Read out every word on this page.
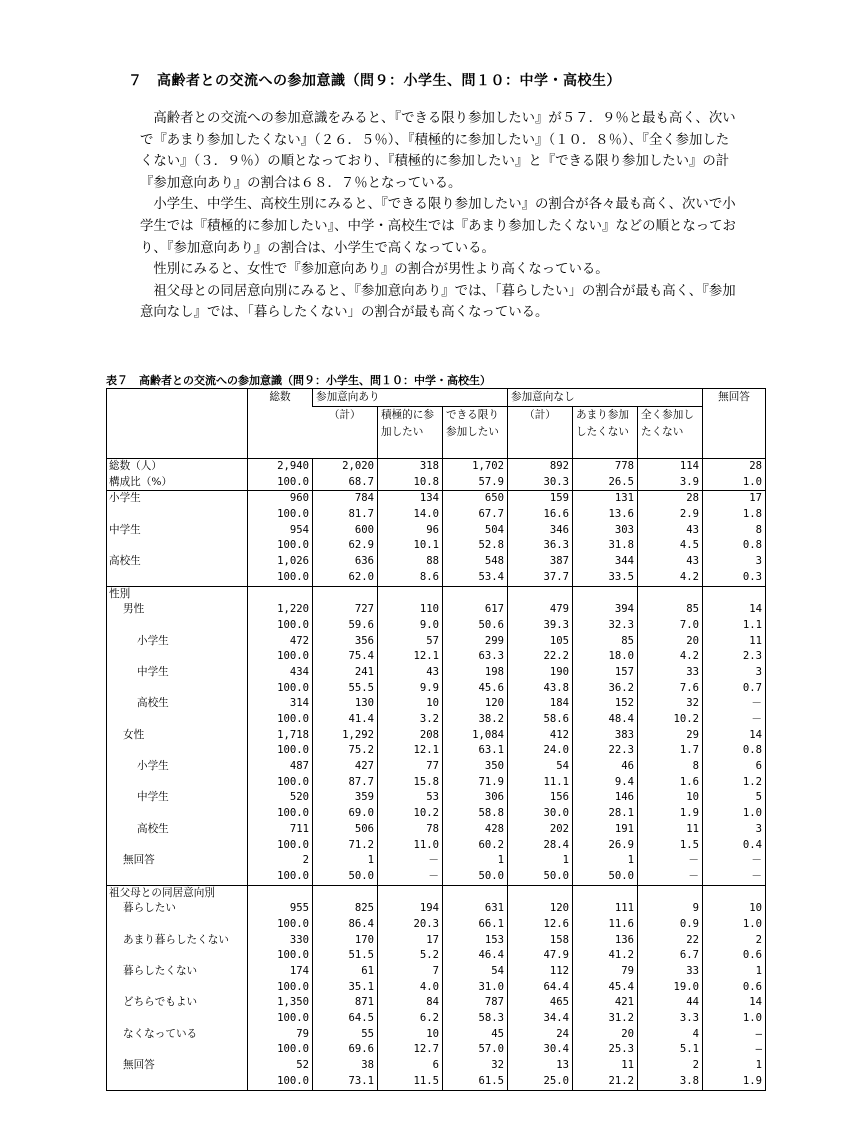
７　高齢者との交流への参加意識（問９：小学生、問１０：中学・高校生）

　高齢者との交流への参加意識をみると、『できる限り参加したい』が５７．９％と最も高く、次いで『あまり参加したくない』（２６．５％）、『積極的に参加したい』（１０．８％）、『全く参加したくない』（３．９％）の順となっており、『積極的に参加したい』と『できる限り参加したい』の計『参加意向あり』の割合は６８．７％となっている。

　小学生、中学生、高校生別にみると、『できる限り参加したい』の割合が各々最も高く、次いで小学生では『積極的に参加したい』、中学・高校生では『あまり参加したくない』などの順となっており、『参加意向あり』の割合は、小学生で高くなっている。

　性別にみると、女性で『参加意向あり』の割合が男性より高くなっている。

　祖父母との同居意向別にみると、『参加意向あり』では、「暮らしたい」の割合が最も高く、『参加意向なし』では、「暮らしたくない」の割合が最も高くなっている。

表７　高齢者との交流への参加意識（問９：小学生、問１０：中学・高校生）
	総数	参加意向あり			参加意向なし			無回答
		（計）	積極的に参加したい	できる限り参加したい	（計）	あまり参加したくない	全く参加したくない	
総数（人）	2,940	2,020	318	1,702	892	778	114	28
構成比（%）	100.0	68.7	10.8	57.9	30.3	26.5	3.9	1.0
小学生	960	784	134	650	159	131	28	17
	100.0	81.7	14.0	67.7	16.6	13.6	2.9	1.8
中学生	954	600	96	504	346	303	43	8
	100.0	62.9	10.1	52.8	36.3	31.8	4.5	0.8
高校生	1,026	636	88	548	387	344	43	3
	100.0	62.0	8.6	53.4	37.7	33.5	4.2	0.3
性別								
男性	1,220	727	110	617	479	394	85	14
	100.0	59.6	9.0	50.6	39.3	32.3	7.0	1.1
小学生	472	356	57	299	105	85	20	11
	100.0	75.4	12.1	63.3	22.2	18.0	4.2	2.3
中学生	434	241	43	198	190	157	33	3
	100.0	55.5	9.9	45.6	43.8	36.2	7.6	0.7
高校生	314	130	10	120	184	152	32	－
	100.0	41.4	3.2	38.2	58.6	48.4	10.2	－
女性	1,718	1,292	208	1,084	412	383	29	14
	100.0	75.2	12.1	63.1	24.0	22.3	1.7	0.8
小学生	487	427	77	350	54	46	8	6
	100.0	87.7	15.8	71.9	11.1	9.4	1.6	1.2
中学生	520	359	53	306	156	146	10	5
	100.0	69.0	10.2	58.8	30.0	28.1	1.9	1.0
高校生	711	506	78	428	202	191	11	3
	100.0	71.2	11.0	60.2	28.4	26.9	1.5	0.4
無回答	2	1	－	1	1	1	－	－
	100.0	50.0	－	50.0	50.0	50.0	－	－
祖父母との同居意向別								
暮らしたい	955	825	194	631	120	111	9	10
	100.0	86.4	20.3	66.1	12.6	11.6	0.9	1.0
あまり暮らしたくない	330	170	17	153	158	136	22	2
	100.0	51.5	5.2	46.4	47.9	41.2	6.7	0.6
暮らしたくない	174	61	7	54	112	79	33	1
	100.0	35.1	4.0	31.0	64.4	45.4	19.0	0.6
どちらでもよい	1,350	871	84	787	465	421	44	14
	100.0	64.5	6.2	58.3	34.4	31.2	3.3	1.0
なくなっている	79	55	10	45	24	20	4	—
	100.0	69.6	12.7	57.0	30.4	25.3	5.1	—
無回答	52	38	6	32	13	11	2	1
	100.0	73.1	11.5	61.5	25.0	21.2	3.8	1.9
